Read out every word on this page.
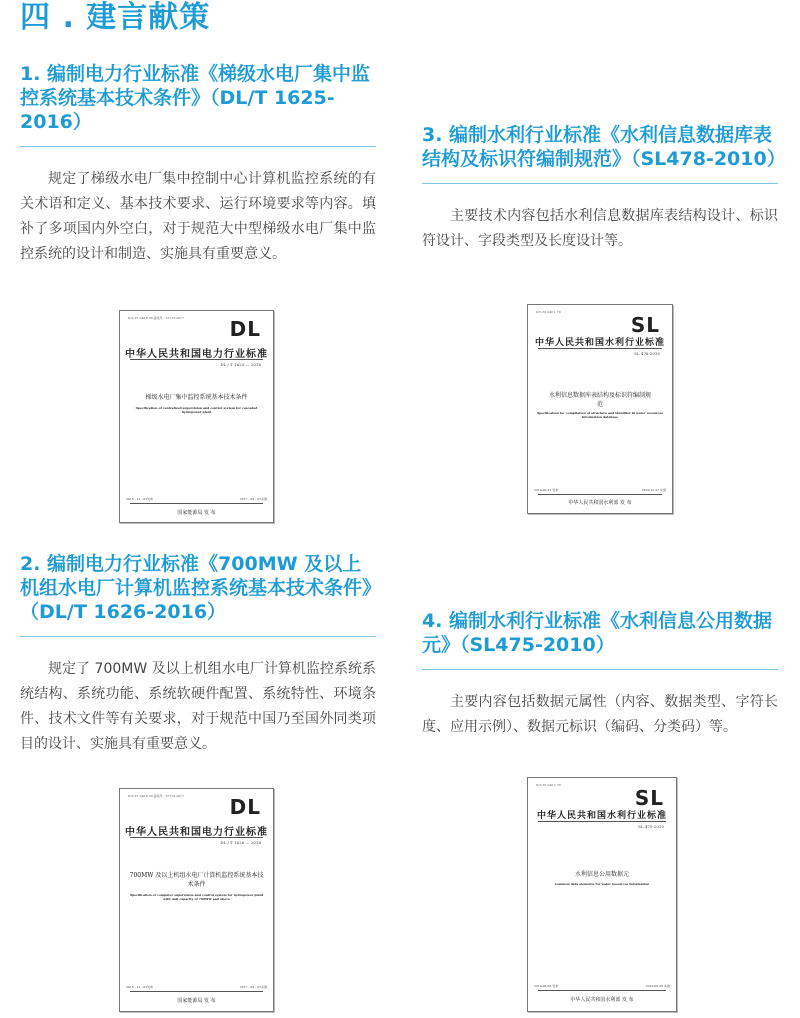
四 . 建言献策
1. 编制电力行业标准《梯级水电厂集中监控系统基本技术条件》（DL/T 1625-2016）
规定了梯级水电厂集中控制中心计算机监控系统的有关术语和定义、基本技术要求、运行环境要求等内容。填补了多项国内外空白，对于规范大中型梯级水电厂集中监控系统的设计和制造、实施具有重要意义。
ICS 27.140 P 59 备案号：51175-2017 DL
中华人民共和国电力行业标准
DL / T 1625 — 2016
梯级水电厂集中监控系统基本技术条件
Specification of centralized supervision and control system for cascaded hydropower plant
2016 - 12 - 05发布	2017 - 05 - 01实施
国家能源局 发 布
2. 编制电力行业标准《700MW 及以上机组水电厂计算机监控系统基本技术条件》（DL/T 1626-2016）
规定了 700MW 及以上机组水电厂计算机监控系统系统结构、系统功能、系统软硬件配置、系统特性、环境条件、技术文件等有关要求，对于规范中国乃至国外同类项目的设计、实施具有重要意义。
ICS 27.140 P 59 备案号：57176-2017 DL
中华人民共和国电力行业标准
DL / T 1626 — 2016
700MW 及以上机组水电厂计算机监控系统基本技术条件
Specification of computer supervision and control system for hydropower plant with unit capacity of 700MW and above
2016 - 12 - 05发布	2017 - 05 - 01实施
国家能源局 发 布
3. 编制水利行业标准《水利信息数据库表结构及标识符编制规范》（SL478-2010）
主要技术内容包括水利信息数据库表结构设计、标识符设计、字段类型及长度设计等。
ICS 35.240 L 70
SL
中华人民共和国水利行业标准
SL 478-2010
水利信息数据库表结构及标识符编制规范
Specification for compilation of structure and identifier in water resources information database
2010-09-27 发布	2010-12-27 实施
中华人民共和国水利部 发 布
4. 编制水利行业标准《水利信息公用数据元》（SL475-2010）
主要内容包括数据元属性（内容、数据类型、字符长度、应用示例）、数据元标识（编码、分类码）等。
ICS 35.240 L 70
SL
中华人民共和国水利行业标准
SL 475-2010
水利信息公用数据元
Common data elements for water resources information
2010-06-28 发布	2010-09-28 实施
中华人民共和国水利部 发 布
